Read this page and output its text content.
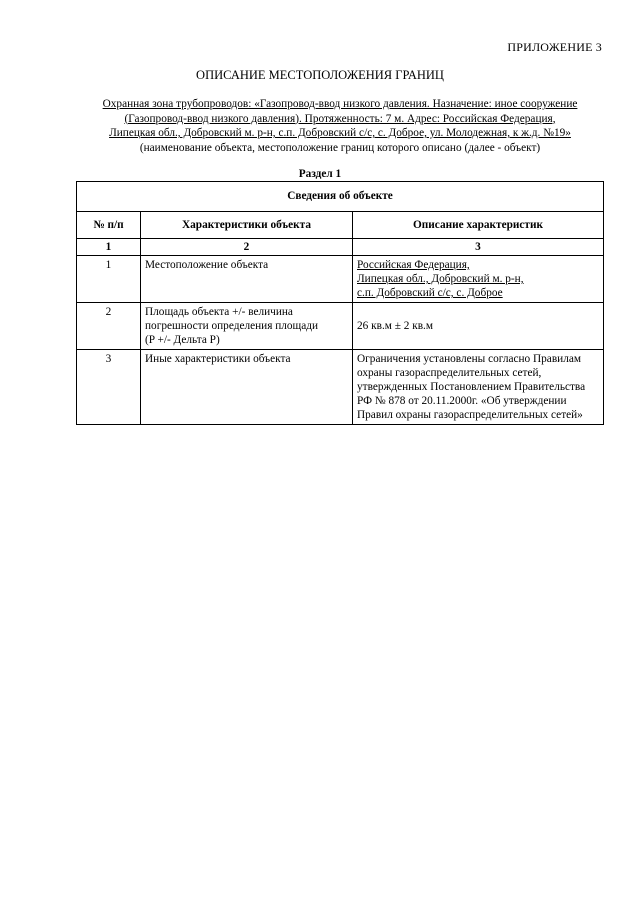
ПРИЛОЖЕНИЕ 3
ОПИСАНИЕ МЕСТОПОЛОЖЕНИЯ ГРАНИЦ
Охранная зона трубопроводов: «Газопровод-ввод низкого давления. Назначение: иное сооружение
(Газопровод-ввод низкого давления). Протяженность: 7 м. Адрес: Российская Федерация,
Липецкая обл., Добровский м. р-н, с.п. Добровский с/с, с. Доброе, ул. Молодежная, к ж.д. №19»
(наименование объекта, местоположение границ которого описано (далее - объект)
Раздел 1
Сведения об объекте		
№ п/п	Характеристики объекта	Описание характеристик
1	2	3
1	Местоположение объекта	Российская Федерация,
Липецкая обл., Добровский м. р-н,
с.п. Добровский с/с, с. Доброе

2	Площадь объекта +/- величина
погрешности определения площади
(P +/- Дельта P)	26 кв.м ± 2 кв.м
3	Иные характеристики объекта	Ограничения установлены согласно Правилам
охраны газораспределительных сетей,
утвержденных Постановлением Правительства
РФ № 878 от 20.11.2000г. «Об утверждении
Правил охраны газораспределительных сетей»
